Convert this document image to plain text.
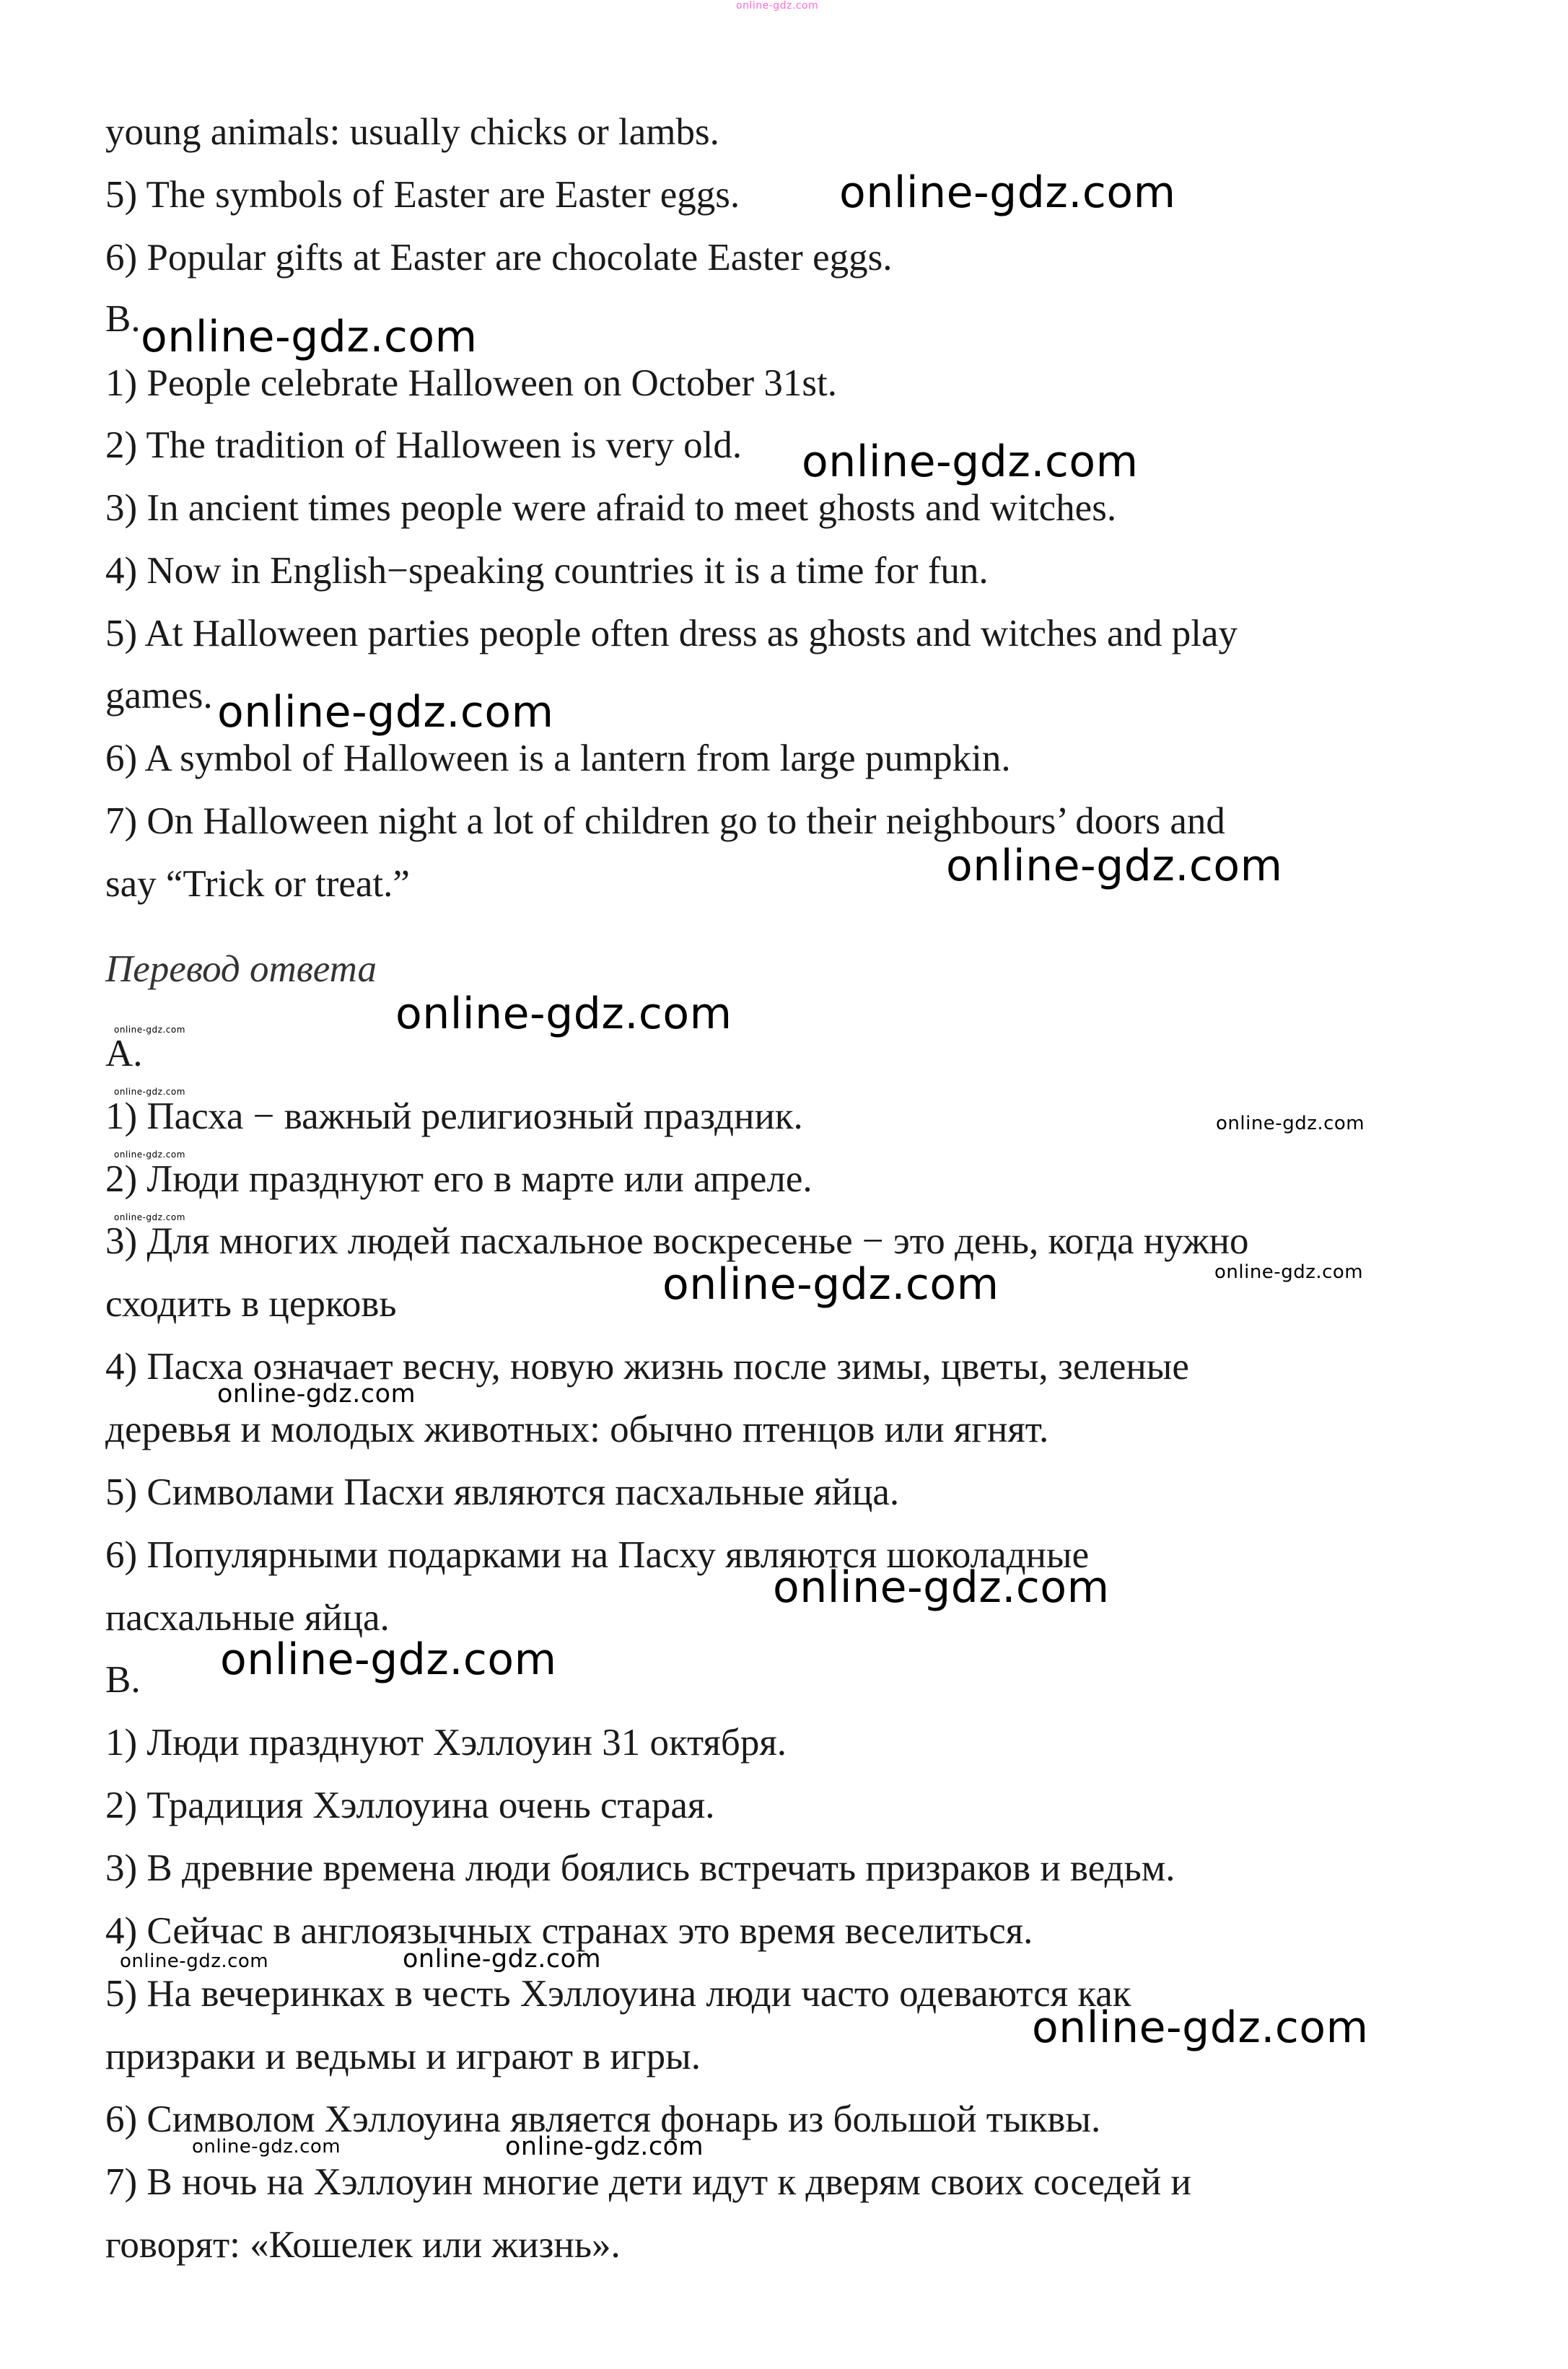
online-gdz.com
young animals: usually chicks or lambs.
5) The symbols of Easter are Easter eggs.
6) Popular gifts at Easter are chocolate Easter eggs.
B.
1) People celebrate Halloween on October 31st.
2) The tradition of Halloween is very old.
3) In ancient times people were afraid to meet ghosts and witches.
4) Now in English−speaking countries it is a time for fun.
5) At Halloween parties people often dress as ghosts and witches and play
games.
6) A symbol of Halloween is a lantern from large pumpkin.
7) On Halloween night a lot of children go to their neighbours’ doors and
say “Trick or treat.”
Перевод ответа
A.
1) Пасха − важный религиозный праздник.
2) Люди празднуют его в марте или апреле.
3) Для многих людей пасхальное воскресенье − это день, когда нужно
сходить в церковь
4) Пасха означает весну, новую жизнь после зимы, цветы, зеленые
деревья и молодых животных: обычно птенцов или ягнят.
5) Символами Пасхи являются пасхальные яйца.
6) Популярными подарками на Пасху являются шоколадные
пасхальные яйца.
B.
1) Люди празднуют Хэллоуин 31 октября.
2) Традиция Хэллоуина очень старая.
3) В древние времена люди боялись встречать призраков и ведьм.
4) Сейчас в англоязычных странах это время веселиться.
5) На вечеринках в честь Хэллоуина люди часто одеваются как
призраки и ведьмы и играют в игры.
6) Символом Хэллоуина является фонарь из большой тыквы.
7) В ночь на Хэллоуин многие дети идут к дверям своих соседей и
говорят: «Кошелек или жизнь».
online-gdz.com
online-gdz.com
online-gdz.com
online-gdz.com
online-gdz.com
online-gdz.com
online-gdz.com
online-gdz.com
online-gdz.com
online-gdz.com
online-gdz.com
online-gdz.com
online-gdz.com
online-gdz.com
online-gdz.com
online-gdz.com
online-gdz.com	online-gdz.com
online-gdz.com
online-gdz.com	online-gdz.com
